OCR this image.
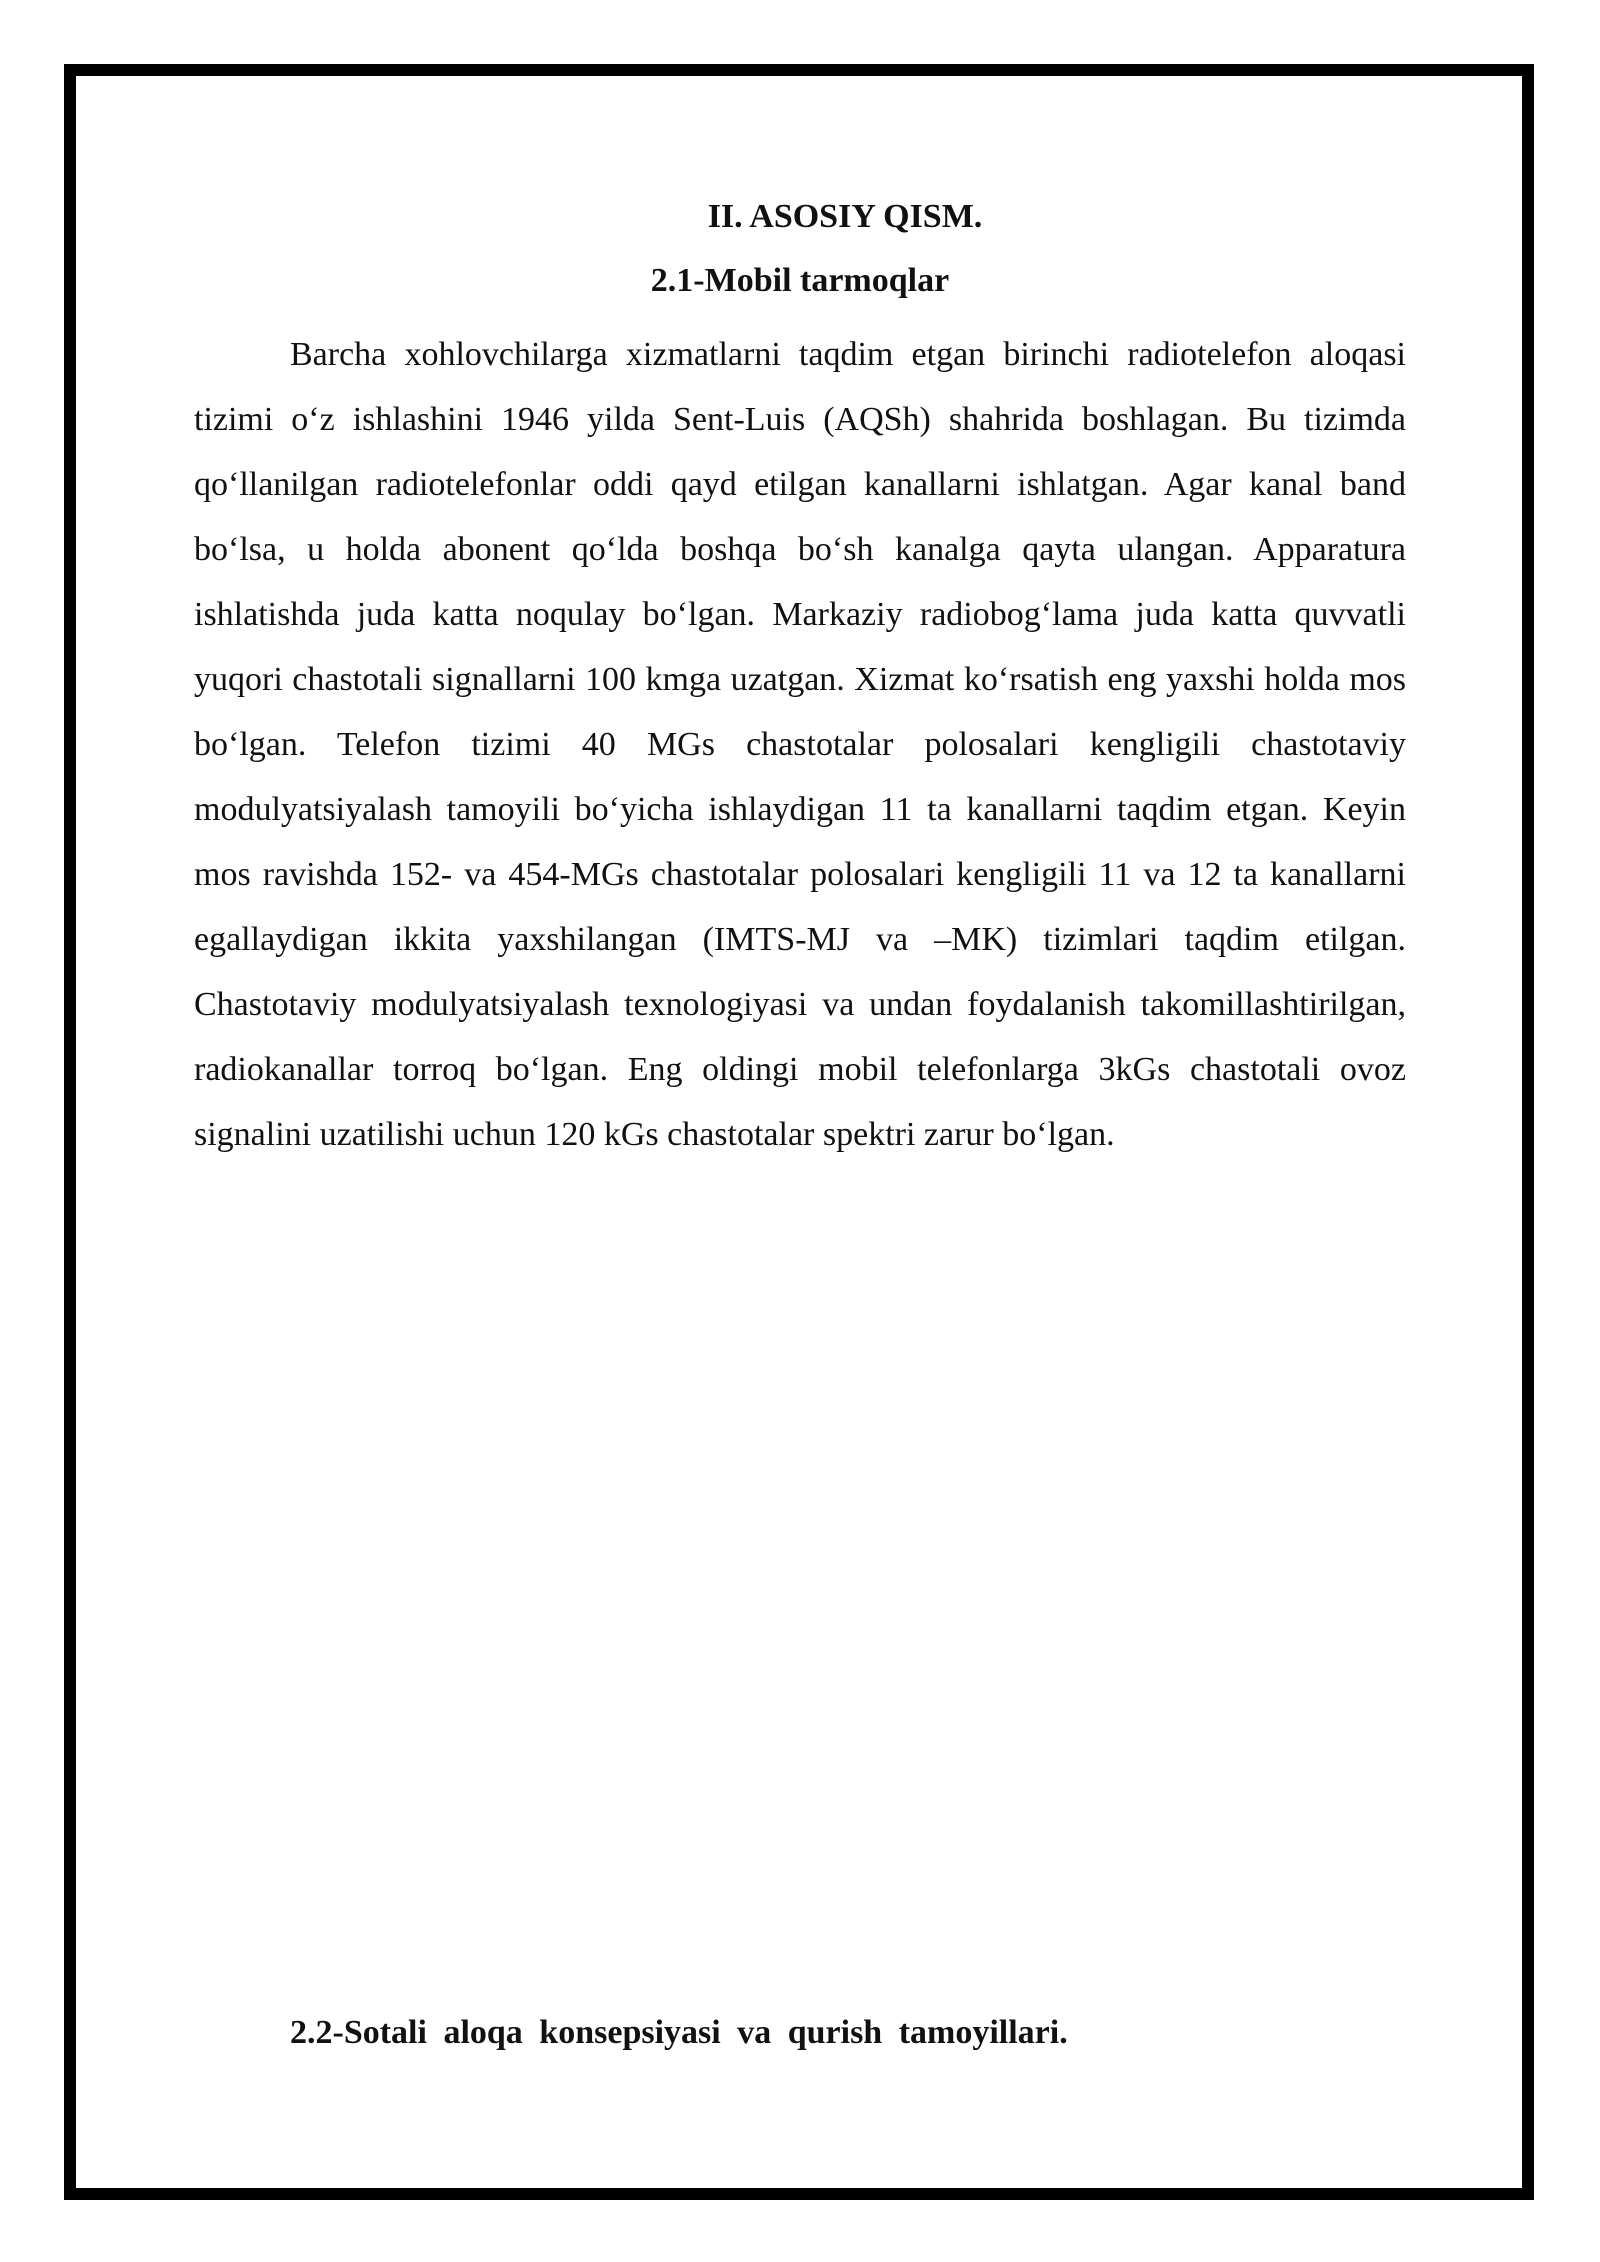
II. ASOSIY QISM.
2.1-Mobil tarmoqlar

Barcha xohlovchilarga xizmatlarni taqdim etgan birinchi radiotelefon aloqasi tizimi o‘z ishlashini 1946 yilda Sent-Luis (AQSh) shahrida boshlagan. Bu tizimda qo‘llanilgan radiotelefonlar oddi qayd etilgan kanallarni ishlatgan. Agar kanal band bo‘lsa, u holda abonent qo‘lda boshqa bo‘sh kanalga qayta ulangan. Apparatura ishlatishda juda katta noqulay bo‘lgan. Markaziy radiobog‘lama juda katta quvvatli yuqori chastotali signallarni 100 kmga uzatgan. Xizmat ko‘rsatish eng yaxshi holda mos bo‘lgan. Telefon tizimi 40 MGs chastotalar polosalari kengligili chastotaviy modulyatsiyalash tamoyili bo‘yicha ishlaydigan 11 ta kanallarni taqdim etgan. Keyin mos ravishda 152- va 454-MGs chastotalar polosalari kengligili 11 va 12 ta kanallarni egallaydigan ikkita yaxshilangan (IMTS-MJ va –MK) tizimlari taqdim etilgan. Chastotaviy modulyatsiyalash texnologiyasi va undan foydalanish takomillashtirilgan, radiokanallar torroq bo‘lgan. Eng oldingi mobil telefonlarga 3kGs chastotali ovoz signalini uzatilishi uchun 120 kGs chastotalar spektri zarur bo‘lgan.

2.2-Sotali aloqa konsepsiyasi va qurish tamoyillari.
